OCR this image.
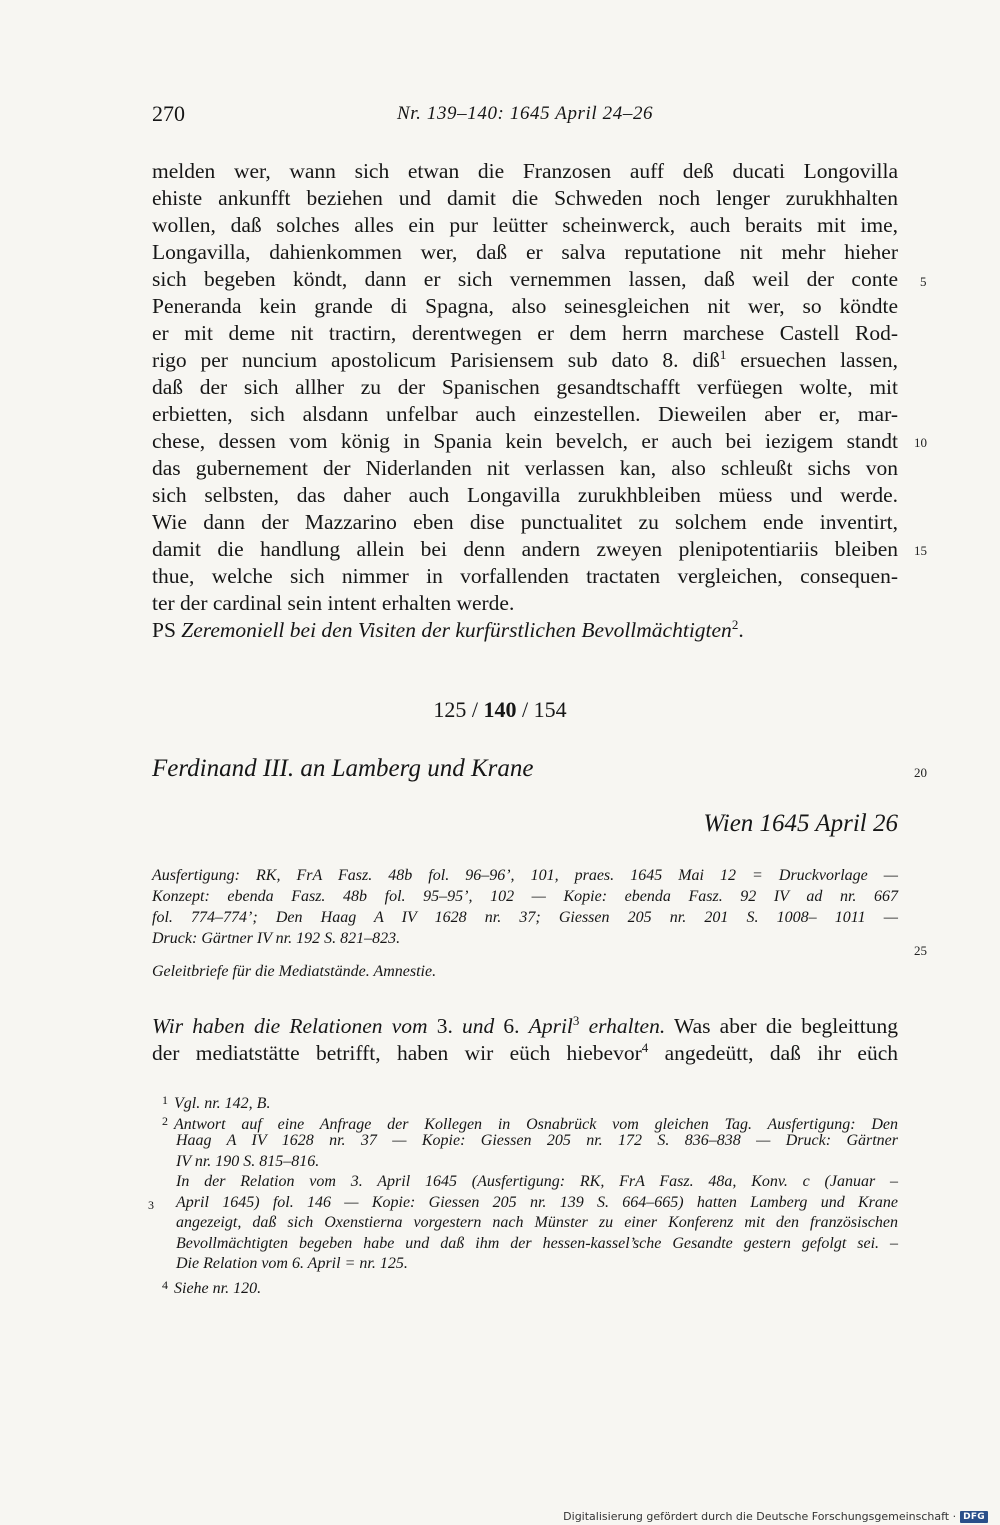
270	Nr. 139–140: 1645 April 24–26
melden wer, wann sich etwan die Franzosen auff deß ducati Longovilla
ehiste ankunfft beziehen und damit die Schweden noch lenger zurukhhalten
wollen, daß solches alles ein pur leütter scheinwerck, auch beraits mit ime,
Longavilla, dahienkommen wer, daß er salva reputatione nit mehr hieher
sich begeben köndt, dann er sich vernemmen lassen, daß weil der conte
Peneranda kein grande di Spagna, also seinesgleichen nit wer, so köndte
er mit deme nit tractirn, derentwegen er dem herrn marchese Castell Rod-
rigo per nuncium apostolicum Parisiensem sub dato 8. diß$^1$ ersuechen lassen,
daß der sich allher zu der Spanischen gesandtschafft verfüegen wolte, mit
erbietten, sich alsdann unfelbar auch einzestellen. Dieweilen aber er, mar-
chese, dessen vom könig in Spania kein bevelch, er auch bei iezigem standt
das gubernement der Niderlanden nit verlassen kan, also schleußt sichs von
sich selbsten, das daher auch Longavilla zurukhbleiben müess und werde.
Wie dann der Mazzarino eben dise punctualitet zu solchem ende inventirt,
damit die handlung allein bei denn andern zweyen plenipotentiariis bleiben
thue, welche sich nimmer in vorfallenden tractaten vergleichen, consequen-
ter der cardinal sein intent erhalten werde.
PS Zeremoniell bei den Visiten der kurfürstlichen Bevollmächtigten$^2$.
5
10
15
20
25
125 / 140 / 154
Ferdinand III. an Lamberg und Krane
Wien 1645 April 26
Ausfertigung: RK, FrA Fasz. 48b fol. 96–96’, 101, praes. 1645 Mai 12 = Druckvorlage —
Konzept: ebenda Fasz. 48b fol. 95–95’, 102 — Kopie: ebenda Fasz. 92 IV ad nr. 667
fol. 774–774’; Den Haag A IV 1628 nr. 37; Giessen 205 nr. 201 S. 1008– 1011 —
Druck: Gärtner IV nr. 192 S. 821–823.
Geleitbriefe für die Mediatstände. Amnestie.
Wir haben die Relationen vom 3. und 6. April$^3$ erhalten. Was aber die begleittung
der mediatstätte betrifft, haben wir eüch hiebevor$^4$ angedeütt, daß ihr eüch
$^1$ Vgl. nr. 142, B.
$^2$ Antwort auf eine Anfrage der Kollegen in Osnabrück vom gleichen Tag. Ausfertigung: Den
Haag A IV 1628 nr. 37 — Kopie: Giessen 205 nr. 172 S. 836–838 — Druck: Gärtner
IV nr. 190 S. 815–816.
In der Relation vom 3. April 1645 (Ausfertigung: RK, FrA Fasz. 48a, Konv. c (Januar –
3 April 1645) fol. 146 — Kopie: Giessen 205 nr. 139 S. 664–665) hatten Lamberg und Krane
angezeigt, daß sich Oxenstierna vorgestern nach Münster zu einer Konferenz mit den französischen
Bevollmächtigten begeben habe und daß ihm der hessen-kassel’sche Gesandte gestern gefolgt sei. –
Die Relation vom 6. April = nr. 125.
$^4$ Siehe nr. 120.
Digitalisierung gefördert durch die Deutsche Forschungsgemeinschaft · DFG
